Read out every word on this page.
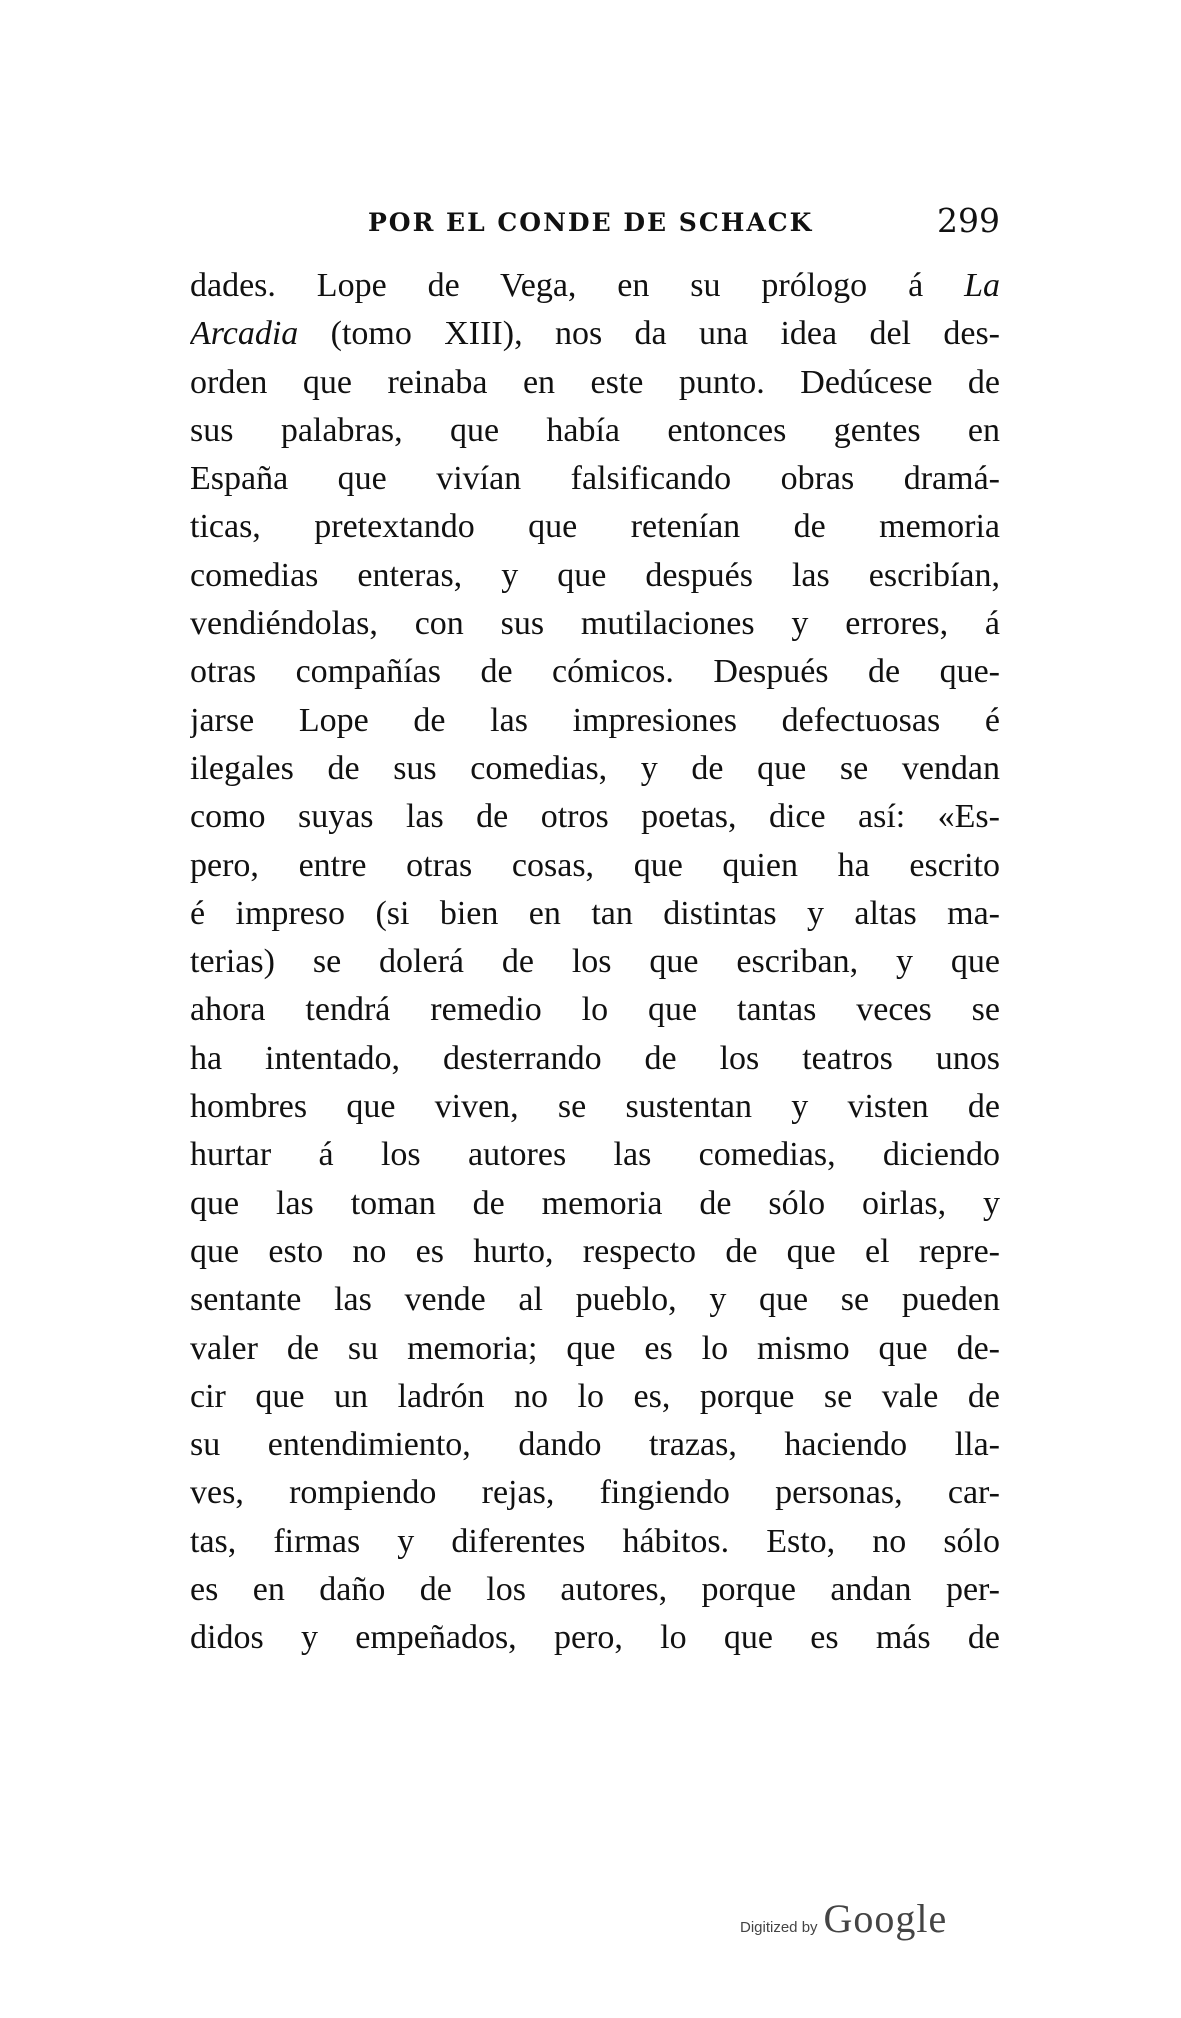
POR EL CONDE DE SCHACK	299
dades. Lope de Vega, en su prólogo á La
Arcadia (tomo XIII), nos da una idea del des-
orden que reinaba en este punto. Dedúcese de
sus palabras, que había entonces gentes en
España que vivían falsificando obras dramá-
ticas, pretextando que retenían de memoria
comedias enteras, y que después las escribían,
vendiéndolas, con sus mutilaciones y errores, á
otras compañías de cómicos. Después de que-
jarse Lope de las impresiones defectuosas é
ilegales de sus comedias, y de que se vendan
como suyas las de otros poetas, dice así: «Es-
pero, entre otras cosas, que quien ha escrito
é impreso (si bien en tan distintas y altas ma-
terias) se dolerá de los que escriban, y que
ahora tendrá remedio lo que tantas veces se
ha intentado, desterrando de los teatros unos
hombres que viven, se sustentan y visten de
hurtar á los autores las comedias, diciendo
que las toman de memoria de sólo oirlas, y
que esto no es hurto, respecto de que el repre-
sentante las vende al pueblo, y que se pueden
valer de su memoria; que es lo mismo que de-
cir que un ladrón no lo es, porque se vale de
su entendimiento, dando trazas, haciendo lla-
ves, rompiendo rejas, fingiendo personas, car-
tas, firmas y diferentes hábitos. Esto, no sólo
es en daño de los autores, porque andan per-
didos y empeñados, pero, lo que es más de
Digitized by Google
